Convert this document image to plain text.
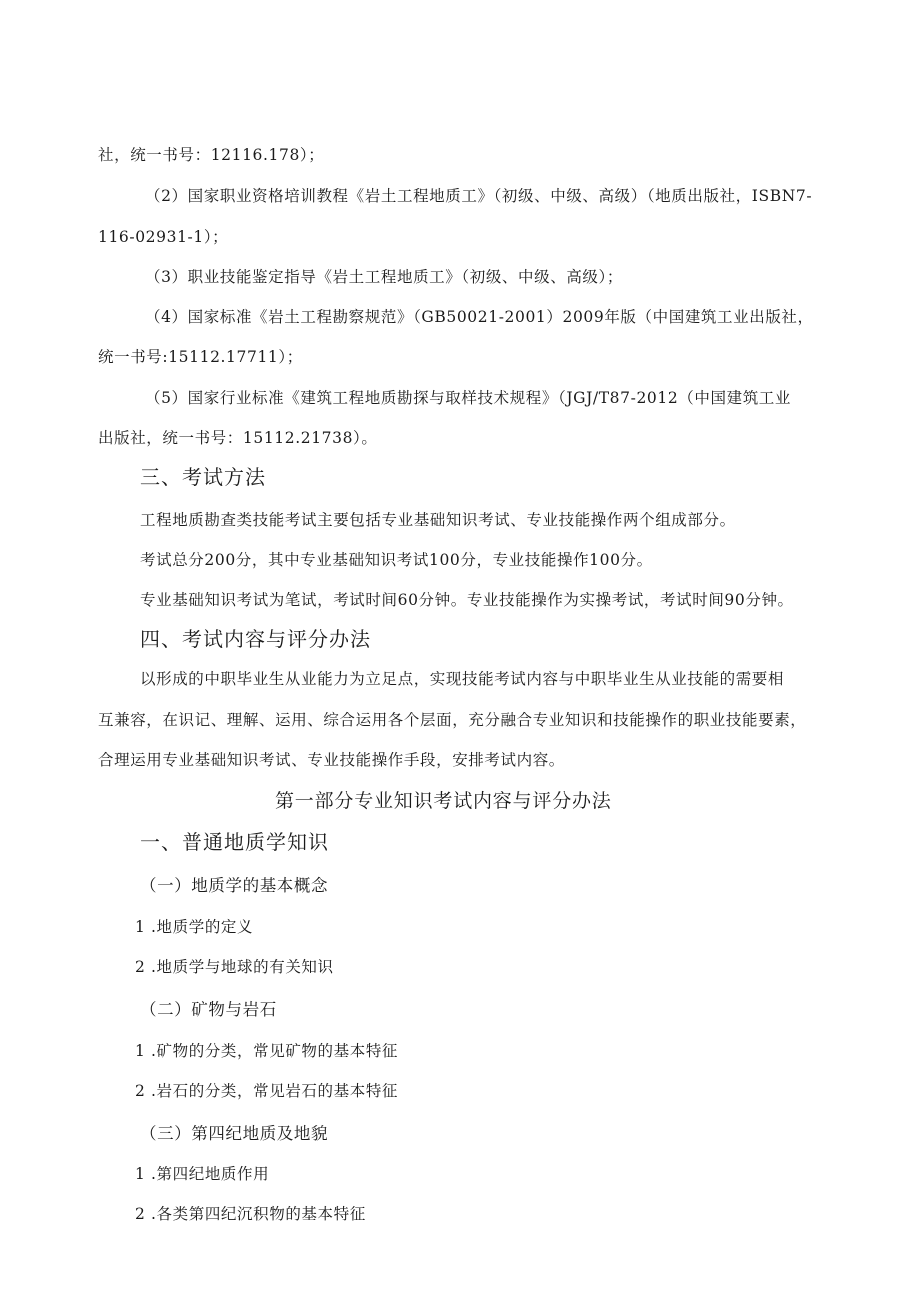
社，统一书号：12116.178）；
（2）国家职业资格培训教程《岩土工程地质工》（初级、中级、高级）（地质出版社，ISBN7-
116-02931-1）；
（3）职业技能鉴定指导《岩土工程地质工》（初级、中级、高级）；
（4）国家标准《岩土工程勘察规范》（GB50021-2001）2009年版（中国建筑工业出版社，
统一书号:15112.17711）；
（5）国家行业标准《建筑工程地质勘探与取样技术规程》（JGJ/T87-2012（中国建筑工业
出版社，统一书号：15112.21738）。
三、考试方法
工程地质勘查类技能考试主要包括专业基础知识考试、专业技能操作两个组成部分。
考试总分200分，其中专业基础知识考试100分，专业技能操作100分。
专业基础知识考试为笔试，考试时间60分钟。专业技能操作为实操考试，考试时间90分钟。
四、考试内容与评分办法
以形成的中职毕业生从业能力为立足点，实现技能考试内容与中职毕业生从业技能的需要相
互兼容，在识记、理解、运用、综合运用各个层面，充分融合专业知识和技能操作的职业技能要素，
合理运用专业基础知识考试、专业技能操作手段，安排考试内容。
第一部分专业知识考试内容与评分办法
一、普通地质学知识
（一）地质学的基本概念
1 .地质学的定义
2 .地质学与地球的有关知识
（二）矿物与岩石
1 .矿物的分类，常见矿物的基本特征
2 .岩石的分类，常见岩石的基本特征
（三）第四纪地质及地貌
1 .第四纪地质作用
2 .各类第四纪沉积物的基本特征
